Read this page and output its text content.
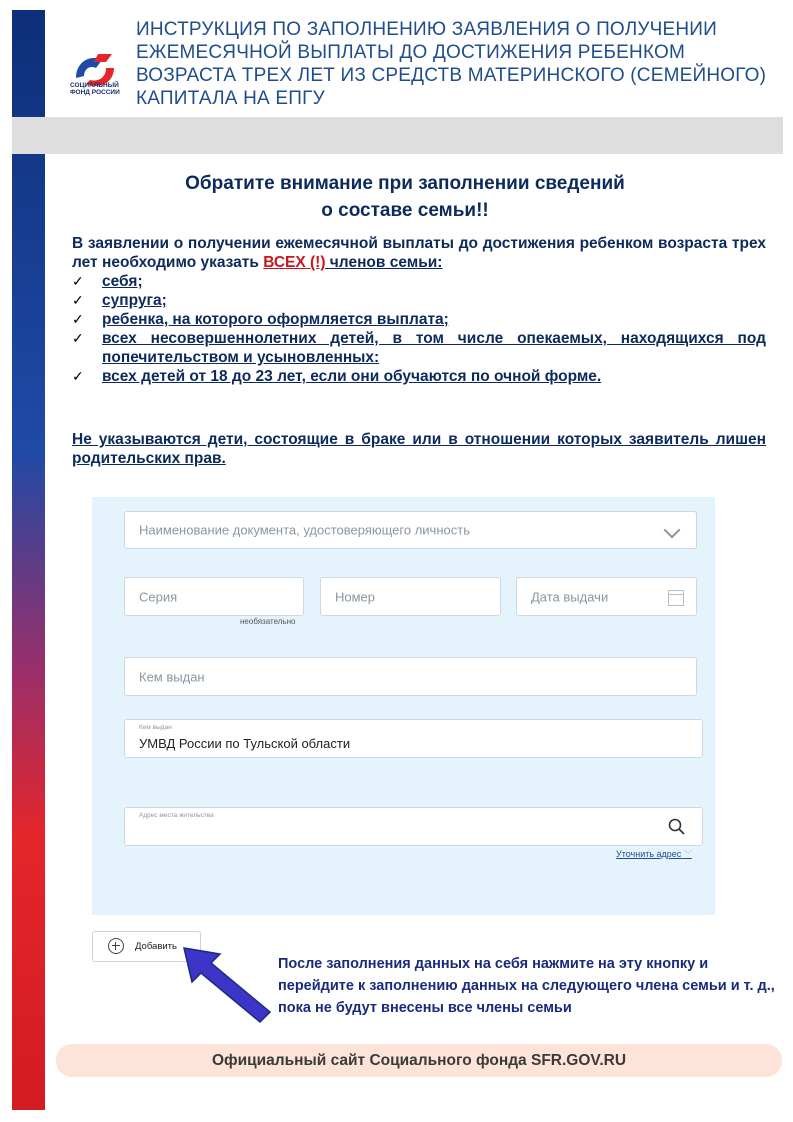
СОЦИАЛЬНЫЙ ФОНД РОССИИ
ИНСТРУКЦИЯ ПО ЗАПОЛНЕНИЮ ЗАЯВЛЕНИЯ О ПОЛУЧЕНИИ ЕЖЕМЕСЯЧНОЙ ВЫПЛАТЫ ДО ДОСТИЖЕНИЯ РЕБЕНКОМ ВОЗРАСТА ТРЕХ ЛЕТ ИЗ СРЕДСТВ МАТЕРИНСКОГО (СЕМЕЙНОГО) КАПИТАЛА НА ЕПГУ
Обратите внимание при заполнении сведений
о составе семьи!!

В заявлении о получении ежемесячной выплаты до достижения ребенком возраста трех лет необходимо указать ВСЕХ (!) членов семьи:

✓ себя;
✓ супруга;
✓ ребенка, на которого оформляется выплата;
✓ всех несовершеннолетних детей, в том числе опекаемых, находящихся под попечительством и усыновленных:
✓ всех детей от 18 до 23 лет, если они обучаются по очной форме.

Не указываются дети, состоящие в браке или в отношении которых заявитель лишен родительских прав.

Наименование документа, удостоверяющего личность
Серия
необязательно
Номер	Дата выдачи
Кем выдан
Кем выдан
УМВД России по Тульской области
Адрес места жительства
Уточнить адрес ﹀
Добавить

После заполнения данных на себя нажмите на эту кнопку и перейдите к заполнению данных на следующего члена семьи и т. д., пока не будут внесены все члены семьи

Официальный сайт Социального фонда SFR.GOV.RU
